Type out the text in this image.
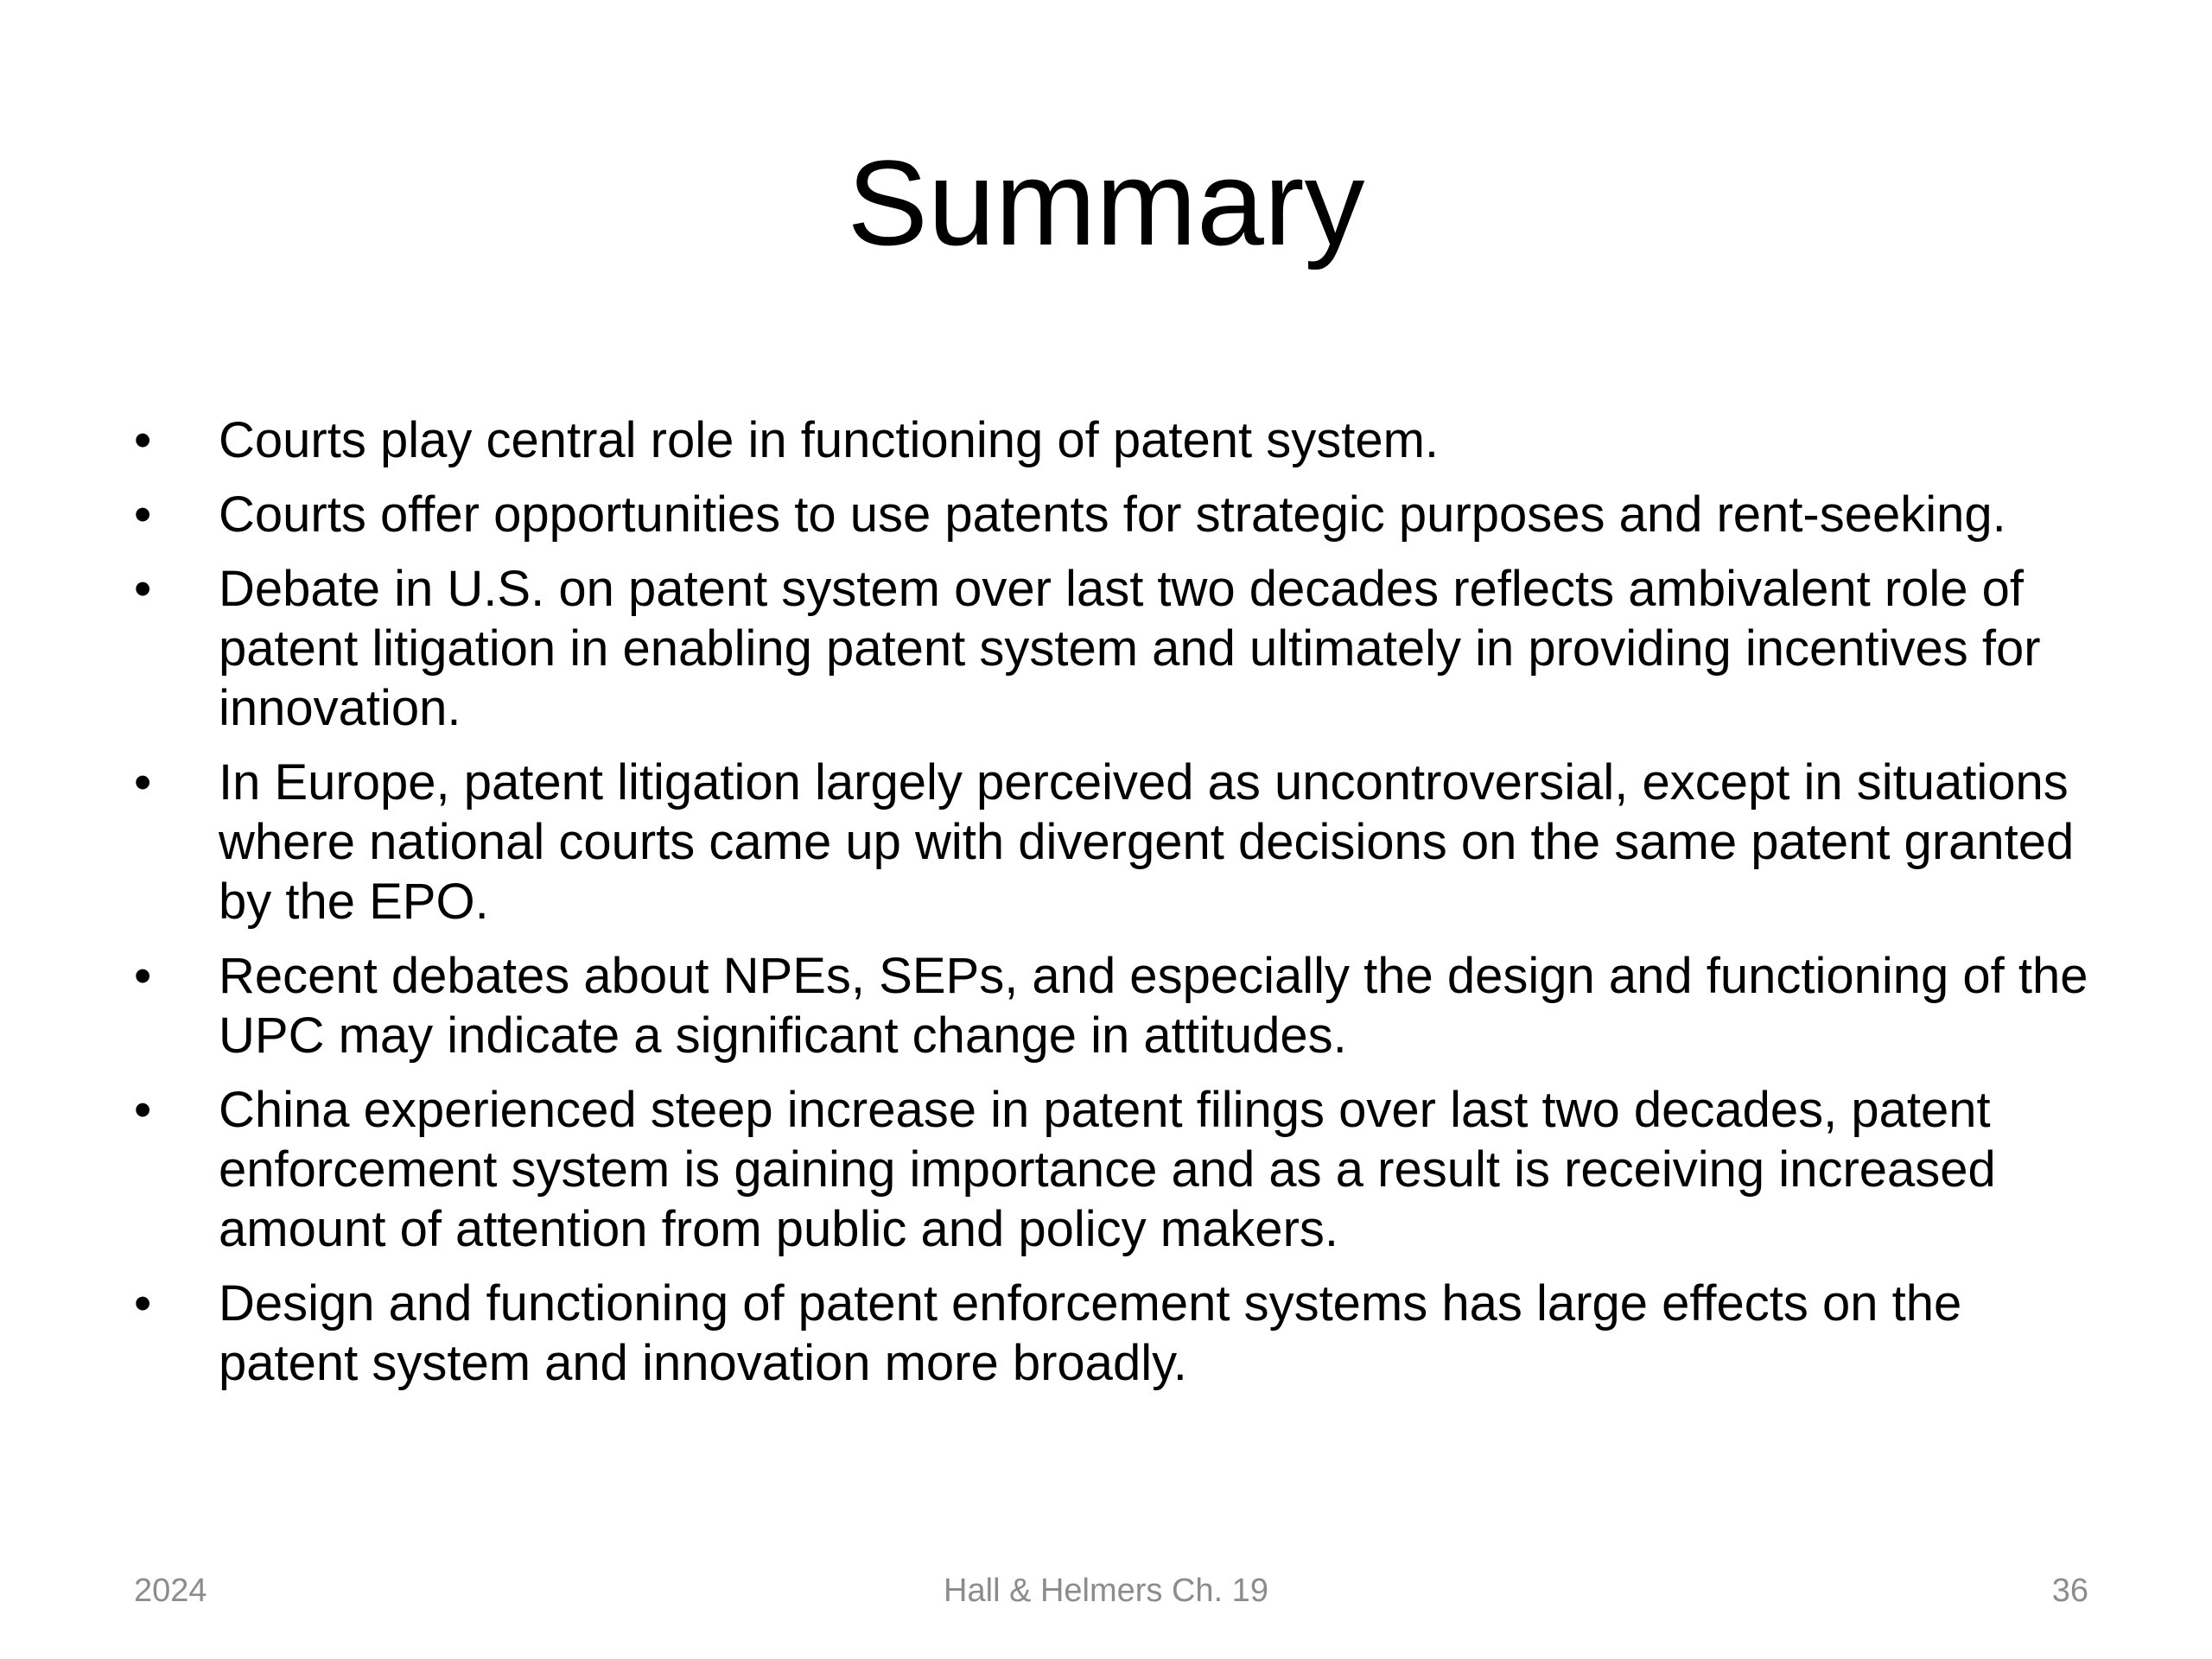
Summary
• Courts play central role in functioning of patent system.
• Courts offer opportunities to use patents for strategic purposes and rent-seeking.
• Debate in U.S. on patent system over last two decades reflects ambivalent role of patent litigation in enabling patent system and ultimately in providing incentives for innovation.
• In Europe, patent litigation largely perceived as uncontroversial, except in situations where national courts came up with divergent decisions on the same patent granted by the EPO.
• Recent debates about NPEs, SEPs, and especially the design and functioning of the UPC may indicate a significant change in attitudes.
• China experienced steep increase in patent filings over last two decades, patent enforcement system is gaining importance and as a result is receiving increased amount of attention from public and policy makers.
• Design and functioning of patent enforcement systems has large effects on the patent system and innovation more broadly.
2024	Hall & Helmers Ch. 19	36
